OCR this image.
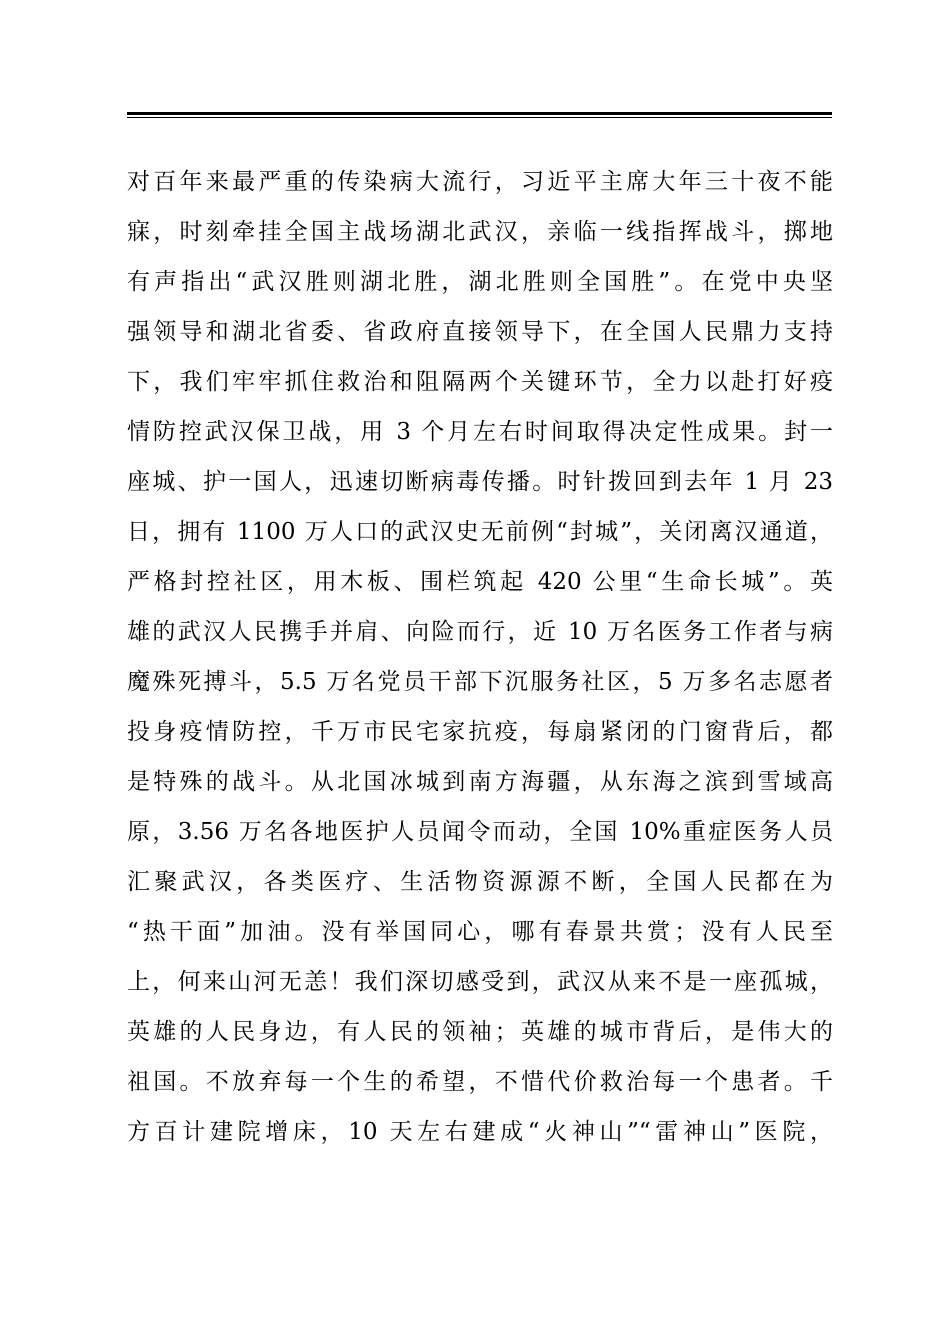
对百年来最严重的传染病大流行，习近平主席大年三十夜不能
寐，时刻牵挂全国主战场湖北武汉，亲临一线指挥战斗，掷地
有声指出“武汉胜则湖北胜，湖北胜则全国胜”。在党中央坚
强领导和湖北省委、省政府直接领导下，在全国人民鼎力支持
下，我们牢牢抓住救治和阻隔两个关键环节，全力以赴打好疫
情防控武汉保卫战，用 3 个月左右时间取得决定性成果。封一
座城、护一国人，迅速切断病毒传播。时针拨回到去年 1 月 23
日，拥有 1100 万人口的武汉史无前例“封城”，关闭离汉通道，
严格封控社区，用木板、围栏筑起 420 公里“生命长城”。英
雄的武汉人民携手并肩、向险而行，近 10 万名医务工作者与病
魔殊死搏斗，5.5 万名党员干部下沉服务社区，5 万多名志愿者
投身疫情防控，千万市民宅家抗疫，每扇紧闭的门窗背后，都
是特殊的战斗。从北国冰城到南方海疆，从东海之滨到雪域高
原，3.56 万名各地医护人员闻令而动，全国 10%重症医务人员
汇聚武汉，各类医疗、生活物资源源不断，全国人民都在为
“热干面”加油。没有举国同心，哪有春景共赏；没有人民至
上，何来山河无恙！我们深切感受到，武汉从来不是一座孤城，
英雄的人民身边，有人民的领袖；英雄的城市背后，是伟大的
祖国。不放弃每一个生的希望，不惜代价救治每一个患者。千
方百计建院增床，10 天左右建成“火神山”“雷神山”医院，
